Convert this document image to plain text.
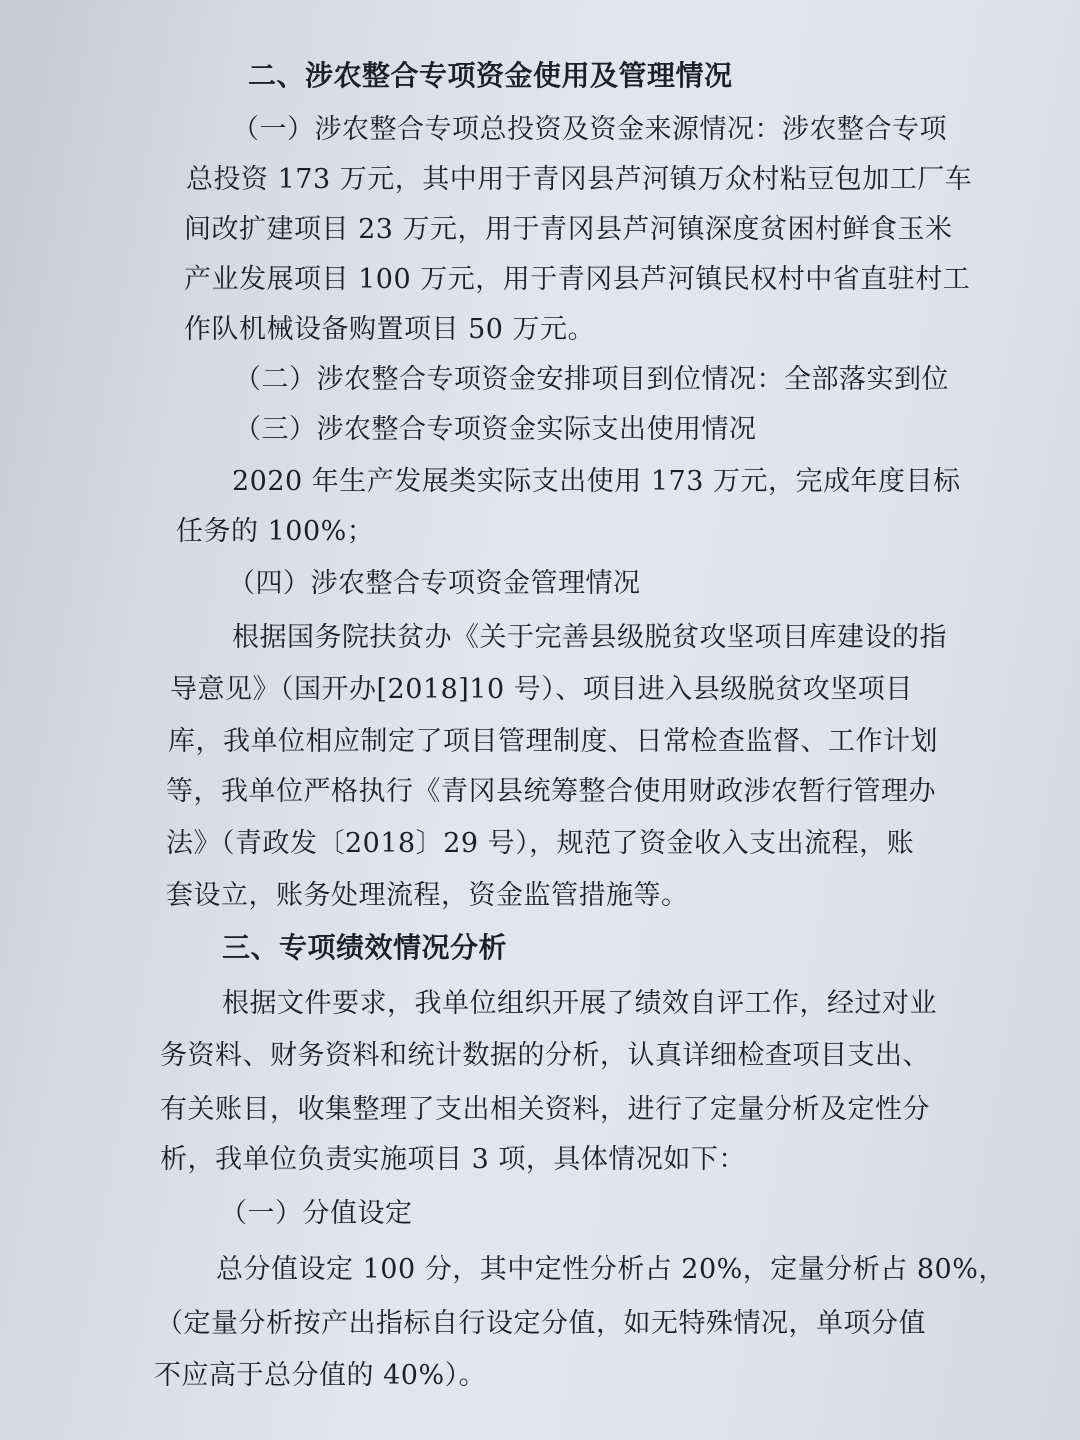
二、涉农整合专项资金使用及管理情况
（一）涉农整合专项总投资及资金来源情况：涉农整合专项
总投资 173 万元，其中用于青冈县芦河镇万众村粘豆包加工厂车
间改扩建项目 23 万元，用于青冈县芦河镇深度贫困村鲜食玉米
产业发展项目 100 万元，用于青冈县芦河镇民权村中省直驻村工
作队机械设备购置项目 50 万元。
（二）涉农整合专项资金安排项目到位情况：全部落实到位
（三）涉农整合专项资金实际支出使用情况
2020 年生产发展类实际支出使用 173 万元，完成年度目标
任务的 100%；
（四）涉农整合专项资金管理情况
根据国务院扶贫办《关于完善县级脱贫攻坚项目库建设的指
导意见》（国开办[2018]10 号）、项目进入县级脱贫攻坚项目
库，我单位相应制定了项目管理制度、日常检查监督、工作计划
等，我单位严格执行《青冈县统筹整合使用财政涉农暂行管理办
法》（青政发〔2018〕29 号），规范了资金收入支出流程，账
套设立，账务处理流程，资金监管措施等。
三、专项绩效情况分析
根据文件要求，我单位组织开展了绩效自评工作，经过对业
务资料、财务资料和统计数据的分析，认真详细检查项目支出、
有关账目，收集整理了支出相关资料，进行了定量分析及定性分
析，我单位负责实施项目 3 项，具体情况如下：
（一）分值设定
总分值设定 100 分，其中定性分析占 20%，定量分析占 80%，
（定量分析按产出指标自行设定分值，如无特殊情况，单项分值
不应高于总分值的 40%）。
